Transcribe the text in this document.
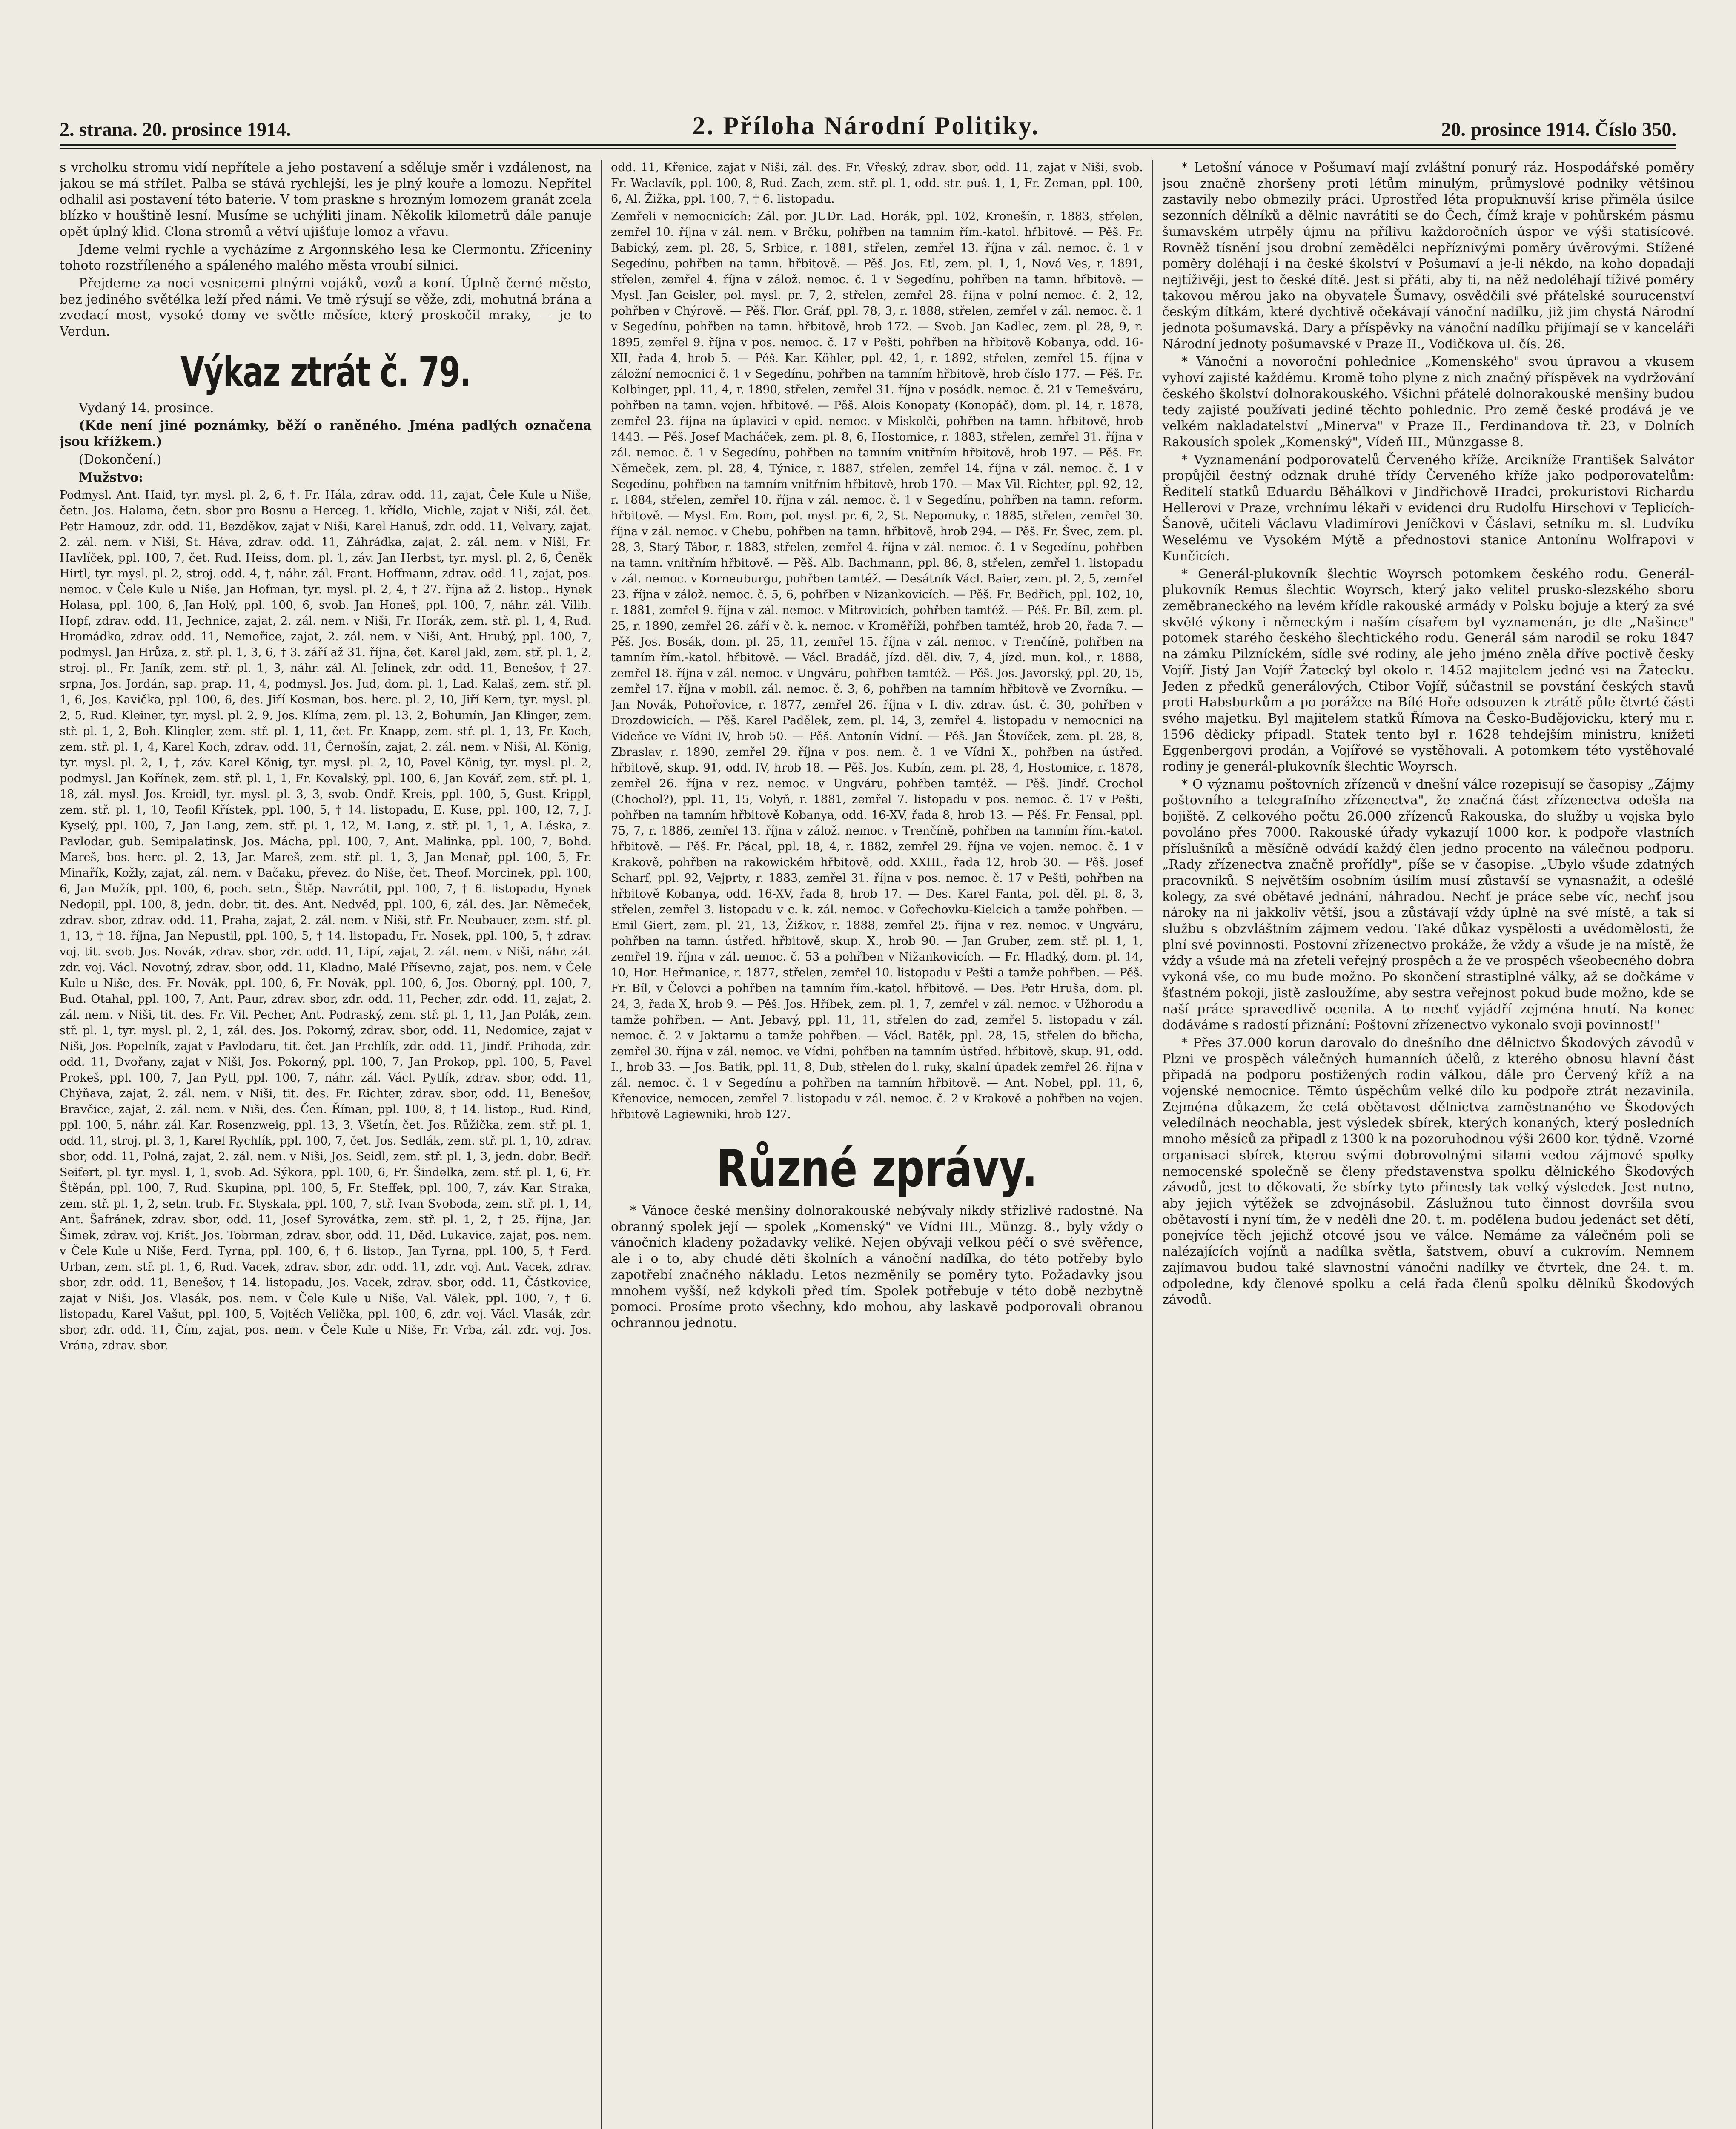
2. strana. 20. prosince 1914.	2. Příloha Národní Politiky.	20. prosince 1914. Číslo 350.

s vrcholku stromu vidí nepřítele a jeho postavení a sděluje směr i vzdálenost, na jakou se má střílet. Palba se stává rychlejší, les je plný kouře a lomozu. Nepřítel odhalil asi postavení této baterie. V tom praskne s hrozným lomozem granát zcela blízko v houštině lesní. Musíme se uchýliti jinam. Několik kilometrů dále panuje opět úplný klid. Clona stromů a větví ujišťuje lomoz a vřavu.

Jdeme velmi rychle a vycházíme z Argonnského lesa ke Clermontu. Zříceniny tohoto rozstříleného a spáleného malého města vroubí silnici.

Přejdeme za noci vesnicemi plnými vojáků, vozů a koní. Úplně černé město, bez jediného světélka leží před námi. Ve tmě rýsují se věže, zdi, mohutná brána a zvedací most, vysoké domy ve světle měsíce, který proskočil mraky, — je to Verdun.

Výkaz ztrát č. 79.

Vydaný 14. prosince.

(Kde není jiné poznámky, běží o raněného. Jména padlých označena jsou křížkem.)

(Dokončení.)

Mužstvo:

Podmysl. Ant. Haid, tyr. mysl. pl. 2, 6, †. Fr. Hála, zdrav. odd. 11, zajat, Čele Kule u Niše, četn. Jos. Halama, četn. sbor pro Bosnu a Herceg. 1. křídlo, Michle, zajat v Niši, zál. čet. Petr Hamouz, zdr. odd. 11, Bezděkov, zajat v Niši, Karel Hanuš, zdr. odd. 11, Velvary, zajat, 2. zál. nem. v Niši, St. Háva, zdrav. odd. 11, Záhrádka, zajat, 2. zál. nem. v Niši, Fr. Havlíček, ppl. 100, 7, čet. Rud. Heiss, dom. pl. 1, záv. Jan Herbst, tyr. mysl. pl. 2, 6, Čeněk Hirtl, tyr. mysl. pl. 2, stroj. odd. 4, †, náhr. zál. Frant. Hoffmann, zdrav. odd. 11, zajat, pos. nemoc. v Čele Kule u Niše, Jan Hofman, tyr. mysl. pl. 2, 4, † 27. října až 2. listop., Hynek Holasa, ppl. 100, 6, Jan Holý, ppl. 100, 6, svob. Jan Honeš, ppl. 100, 7, náhr. zál. Vilib. Hopf, zdrav. odd. 11, Jechnice, zajat, 2. zál. nem. v Niši, Fr. Horák, zem. stř. pl. 1, 4, Rud. Hromádko, zdrav. odd. 11, Nemořice, zajat, 2. zál. nem. v Niši, Ant. Hrubý, ppl. 100, 7, podmysl. Jan Hrůza, z. stř. pl. 1, 3, 6, † 3. září až 31. října, čet. Karel Jakl, zem. stř. pl. 1, 2, stroj. pl., Fr. Janík, zem. stř. pl. 1, 3, náhr. zál. Al. Jelínek, zdr. odd. 11, Benešov, † 27. srpna, Jos. Jordán, sap. prap. 11, 4, podmysl. Jos. Jud, dom. pl. 1, Lad. Kalaš, zem. stř. pl. 1, 6, Jos. Kavička, ppl. 100, 6, des. Jiří Kosman, bos. herc. pl. 2, 10, Jiří Kern, tyr. mysl. pl. 2, 5, Rud. Kleiner, tyr. mysl. pl. 2, 9, Jos. Klíma, zem. pl. 13, 2, Bohumín, Jan Klinger, zem. stř. pl. 1, 2, Boh. Klingler, zem. stř. pl. 1, 11, čet. Fr. Knapp, zem. stř. pl. 1, 13, Fr. Koch, zem. stř. pl. 1, 4, Karel Koch, zdrav. odd. 11, Černošín, zajat, 2. zál. nem. v Niši, Al. König, tyr. mysl. pl. 2, 1, †, záv. Karel König, tyr. mysl. pl. 2, 10, Pavel König, tyr. mysl. pl. 2, podmysl. Jan Kořínek, zem. stř. pl. 1, 1, Fr. Kovalský, ppl. 100, 6, Jan Kovář, zem. stř. pl. 1, 18, zál. mysl. Jos. Kreidl, tyr. mysl. pl. 3, 3, svob. Ondř. Kreis, ppl. 100, 5, Gust. Krippl, zem. stř. pl. 1, 10, Teofil Křístek, ppl. 100, 5, † 14. listopadu, E. Kuse, ppl. 100, 12, 7, J. Kyselý, ppl. 100, 7, Jan Lang, zem. stř. pl. 1, 12, M. Lang, z. stř. pl. 1, 1, A. Léska, z. Pavlodar, gub. Semipalatinsk, Jos. Mácha, ppl. 100, 7, Ant. Malinka, ppl. 100, 7, Bohd. Mareš, bos. herc. pl. 2, 13, Jar. Mareš, zem. stř. pl. 1, 3, Jan Menař, ppl. 100, 5, Fr. Minařík, Kožly, zajat, zál. nem. v Bačaku, převez. do Niše, čet. Theof. Morcinek, ppl. 100, 6, Jan Mužík, ppl. 100, 6, poch. setn., Štěp. Navrátil, ppl. 100, 7, † 6. listopadu, Hynek Nedopil, ppl. 100, 8, jedn. dobr. tit. des. Ant. Nedvěd, ppl. 100, 6, zál. des. Jar. Němeček, zdrav. sbor, zdrav. odd. 11, Praha, zajat, 2. zál. nem. v Niši, stř. Fr. Neubauer, zem. stř. pl. 1, 13, † 18. října, Jan Nepustil, ppl. 100, 5, † 14. listopadu, Fr. Nosek, ppl. 100, 5, † zdrav. voj. tit. svob. Jos. Novák, zdrav. sbor, zdr. odd. 11, Lipí, zajat, 2. zál. nem. v Niši, náhr. zál. zdr. voj. Václ. Novotný, zdrav. sbor, odd. 11, Kladno, Malé Přísevno, zajat, pos. nem. v Čele Kule u Niše, des. Fr. Novák, ppl. 100, 6, Fr. Novák, ppl. 100, 6, Jos. Oborný, ppl. 100, 7, Bud. Otahal, ppl. 100, 7, Ant. Paur, zdrav. sbor, zdr. odd. 11, Pecher, zdr. odd. 11, zajat, 2. zál. nem. v Niši, tit. des. Fr. Vil. Pecher, Ant. Podraský, zem. stř. pl. 1, 11, Jan Polák, zem. stř. pl. 1, tyr. mysl. pl. 2, 1, zál. des. Jos. Pokorný, zdrav. sbor, odd. 11, Nedomice, zajat v Niši, Jos. Popelník, zajat v Pavlodaru, tit. čet. Jan Prchlík, zdr. odd. 11, Jindř. Prihoda, zdr. odd. 11, Dvořany, zajat v Niši, Jos. Pokorný, ppl. 100, 7, Jan Prokop, ppl. 100, 5, Pavel Prokeš, ppl. 100, 7, Jan Pytl, ppl. 100, 7, náhr. zál. Václ. Pytlík, zdrav. sbor, odd. 11, Chýňava, zajat, 2. zál. nem. v Niši, tit. des. Fr. Richter, zdrav. sbor, odd. 11, Benešov, Bravčice, zajat, 2. zál. nem. v Niši, des. Čen. Říman, ppl. 100, 8, † 14. listop., Rud. Rind, ppl. 100, 5, náhr. zál. Kar. Rosenzweig, ppl. 13, 3, Všetín, čet. Jos. Růžička, zem. stř. pl. 1, odd. 11, stroj. pl. 3, 1, Karel Rychlík, ppl. 100, 7, čet. Jos. Sedlák, zem. stř. pl. 1, 10, zdrav. sbor, odd. 11, Polná, zajat, 2. zál. nem. v Niši, Jos. Seidl, zem. stř. pl. 1, 3, jedn. dobr. Bedř. Seifert, pl. tyr. mysl. 1, 1, svob. Ad. Sýkora, ppl. 100, 6, Fr. Šindelka, zem. stř. pl. 1, 6, Fr. Štěpán, ppl. 100, 7, Rud. Skupina, ppl. 100, 5, Fr. Steffek, ppl. 100, 7, záv. Kar. Straka, zem. stř. pl. 1, 2, setn. trub. Fr. Styskala, ppl. 100, 7, stř. Ivan Svoboda, zem. stř. pl. 1, 14, Ant. Šafránek, zdrav. sbor, odd. 11, Josef Syrovátka, zem. stř. pl. 1, 2, † 25. října, Jar. Šimek, zdrav. voj. Krišt. Jos. Tobrman, zdrav. sbor, odd. 11, Děd. Lukavice, zajat, pos. nem. v Čele Kule u Niše, Ferd. Tyrna, ppl. 100, 6, † 6. listop., Jan Tyrna, ppl. 100, 5, † Ferd. Urban, zem. stř. pl. 1, 6, Rud. Vacek, zdrav. sbor, zdr. odd. 11, zdr. voj. Ant. Vacek, zdrav. sbor, zdr. odd. 11, Benešov, † 14. listopadu, Jos. Vacek, zdrav. sbor, odd. 11, Částkovice, zajat v Niši, Jos. Vlasák, pos. nem. v Čele Kule u Niše, Val. Válek, ppl. 100, 7, † 6. listopadu, Karel Vašut, ppl. 100, 5, Vojtěch Velička, ppl. 100, 6, zdr. voj. Václ. Vlasák, zdr. sbor, zdr. odd. 11, Čím, zajat, pos. nem. v Čele Kule u Niše, Fr. Vrba, zál. zdr. voj. Jos. Vrána, zdrav. sbor.

odd. 11, Křenice, zajat v Niši, zál. des. Fr. Vřeský, zdrav. sbor, odd. 11, zajat v Niši, svob. Fr. Waclavík, ppl. 100, 8, Rud. Zach, zem. stř. pl. 1, odd. str. puš. 1, 1, Fr. Zeman, ppl. 100, 6, Al. Žižka, ppl. 100, 7, † 6. listopadu.

Zemřeli v nemocnicích: Zál. por. JUDr. Lad. Horák, ppl. 102, Kronešín, r. 1883, střelen, zemřel 10. října v zál. nem. v Brčku, pohřben na tamním řím.-katol. hřbitově. — Pěš. Fr. Babický, zem. pl. 28, 5, Srbice, r. 1881, střelen, zemřel 13. října v zál. nemoc. č. 1 v Segedínu, pohřben na tamn. hřbitově. — Pěš. Jos. Etl, zem. pl. 1, 1, Nová Ves, r. 1891, střelen, zemřel 4. října v zálož. nemoc. č. 1 v Segedínu, pohřben na tamn. hřbitově. — Mysl. Jan Geisler, pol. mysl. pr. 7, 2, střelen, zemřel 28. října v polní nemoc. č. 2, 12, pohřben v Chýrově. — Pěš. Flor. Gráf, ppl. 78, 3, r. 1888, střelen, zemřel v zál. nemoc. č. 1 v Segedínu, pohřben na tamn. hřbitově, hrob 172. — Svob. Jan Kadlec, zem. pl. 28, 9, r. 1895, zemřel 9. října v pos. nemoc. č. 17 v Pešti, pohřben na hřbitově Kobanya, odd. 16-XII, řada 4, hrob 5. — Pěš. Kar. Köhler, ppl. 42, 1, r. 1892, střelen, zemřel 15. října v záložní nemocnici č. 1 v Segedínu, pohřben na tamním hřbitově, hrob číslo 177. — Pěš. Fr. Kolbinger, ppl. 11, 4, r. 1890, střelen, zemřel 31. října v posádk. nemoc. č. 21 v Temešváru, pohřben na tamn. vojen. hřbitově. — Pěš. Alois Konopaty (Konopáč), dom. pl. 14, r. 1878, zemřel 23. října na úplavici v epid. nemoc. v Miskolči, pohřben na tamn. hřbitově, hrob 1443. — Pěš. Josef Macháček, zem. pl. 8, 6, Hostomice, r. 1883, střelen, zemřel 31. října v zál. nemoc. č. 1 v Segedínu, pohřben na tamním vnitřním hřbitově, hrob 197. — Pěš. Fr. Němeček, zem. pl. 28, 4, Týnice, r. 1887, střelen, zemřel 14. října v zál. nemoc. č. 1 v Segedínu, pohřben na tamním vnitřním hřbitově, hrob 170. — Max Vil. Richter, ppl. 92, 12, r. 1884, střelen, zemřel 10. října v zál. nemoc. č. 1 v Segedínu, pohřben na tamn. reform. hřbitově. — Mysl. Em. Rom, pol. mysl. pr. 6, 2, St. Nepomuky, r. 1885, střelen, zemřel 30. října v zál. nemoc. v Chebu, pohřben na tamn. hřbitově, hrob 294. — Pěš. Fr. Švec, zem. pl. 28, 3, Starý Tábor, r. 1883, střelen, zemřel 4. října v zál. nemoc. č. 1 v Segedínu, pohřben na tamn. vnitřním hřbitově. — Pěš. Alb. Bachmann, ppl. 86, 8, střelen, zemřel 1. listopadu v zál. nemoc. v Korneuburgu, pohřben tamtéž. — Desátník Václ. Baier, zem. pl. 2, 5, zemřel 23. října v zálož. nemoc. č. 5, 6, pohřben v Nizankovicích. — Pěš. Fr. Bedřich, ppl. 102, 10, r. 1881, zemřel 9. října v zál. nemoc. v Mitrovicích, pohřben tamtéž. — Pěš. Fr. Bíl, zem. pl. 25, r. 1890, zemřel 26. září v č. k. nemoc. v Kroměříži, pohřben tamtéž, hrob 20, řada 7. — Pěš. Jos. Bosák, dom. pl. 25, 11, zemřel 15. října v zál. nemoc. v Trenčíně, pohřben na tamním řím.-katol. hřbitově. — Václ. Bradáč, jízd. děl. div. 7, 4, jízd. mun. kol., r. 1888, zemřel 18. října v zál. nemoc. v Ungváru, pohřben tamtéž. — Pěš. Jos. Javorský, ppl. 20, 15, zemřel 17. října v mobil. zál. nemoc. č. 3, 6, pohřben na tamním hřbitově ve Zvorníku. — Jan Novák, Pohořovice, r. 1877, zemřel 26. října v I. div. zdrav. úst. č. 30, pohřben v Drozdowicích. — Pěš. Karel Padělek, zem. pl. 14, 3, zemřel 4. listopadu v nemocnici na Vídeňce ve Vídni IV, hrob 50. — Pěš. Antonín Vídní. — Pěš. Jan Štovíček, zem. pl. 28, 8, Zbraslav, r. 1890, zemřel 29. října v pos. nem. č. 1 ve Vídni X., pohřben na ústřed. hřbitově, skup. 91, odd. IV, hrob 18. — Pěš. Jos. Kubín, zem. pl. 28, 4, Hostomice, r. 1878, zemřel 26. října v rez. nemoc. v Ungváru, pohřben tamtéž. — Pěš. Jindř. Crochol (Chochol?), ppl. 11, 15, Volyň, r. 1881, zemřel 7. listopadu v pos. nemoc. č. 17 v Pešti, pohřben na tamním hřbitově Kobanya, odd. 16-XV, řada 8, hrob 13. — Pěš. Fr. Fensal, ppl. 75, 7, r. 1886, zemřel 13. října v zálož. nemoc. v Trenčíně, pohřben na tamním řím.-katol. hřbitově. — Pěš. Fr. Pácal, ppl. 18, 4, r. 1882, zemřel 29. října ve vojen. nemoc. č. 1 v Krakově, pohřben na rakowickém hřbitově, odd. XXIII., řada 12, hrob 30. — Pěš. Josef Scharf, ppl. 92, Vejprty, r. 1883, zemřel 31. října v pos. nemoc. č. 17 v Pešti, pohřben na hřbitově Kobanya, odd. 16-XV, řada 8, hrob 17. — Des. Karel Fanta, pol. děl. pl. 8, 3, střelen, zemřel 3. listopadu v c. k. zál. nemoc. v Gořechovku-Kielcich a tamže pohřben. — Emil Giert, zem. pl. 21, 13, Žižkov, r. 1888, zemřel 25. října v rez. nemoc. v Ungváru, pohřben na tamn. ústřed. hřbitově, skup. X., hrob 90. — Jan Gruber, zem. stř. pl. 1, 1, zemřel 19. října v zál. nemoc. č. 53 a pohřben v Nižankovicích. — Fr. Hladký, dom. pl. 14, 10, Hor. Heřmanice, r. 1877, střelen, zemřel 10. listopadu v Pešti a tamže pohřben. — Pěš. Fr. Bíl, v Čelovci a pohřben na tamním řím.-katol. hřbitově. — Des. Petr Hruša, dom. pl. 24, 3, řada X, hrob 9. — Pěš. Jos. Hříbek, zem. pl. 1, 7, zemřel v zál. nemoc. v Užhorodu a tamže pohřben. — Ant. Jebavý, ppl. 11, 11, střelen do zad, zemřel 5. listopadu v zál. nemoc. č. 2 v Jaktarnu a tamže pohřben. — Václ. Batěk, ppl. 28, 15, střelen do břicha, zemřel 30. října v zál. nemoc. ve Vídni, pohřben na tamním ústřed. hřbitově, skup. 91, odd. I., hrob 33. — Jos. Batik, ppl. 11, 8, Dub, střelen do l. ruky, skalní úpadek zemřel 26. října v zál. nemoc. č. 1 v Segedínu a pohřben na tamním hřbitově. — Ant. Nobel, ppl. 11, 6, Křenovice, nemocen, zemřel 7. listopadu v zál. nemoc. č. 2 v Krakově a pohřben na vojen. hřbitově Lagiewniki, hrob 127.

Různé zprávy.

* Vánoce české menšiny dolnorakouské nebývaly nikdy střízlivé radostné. Na obranný spolek její — spolek „Komenský" ve Vídni III., Münzg. 8., byly vždy o vánočních kladeny požadavky veliké. Nejen obývají velkou péčí o své svěřence, ale i o to, aby chudé děti školních a vánoční nadílka, do této potřeby bylo zapotřebí značného nákladu. Letos nezměnily se poměry tyto. Požadavky jsou mnohem vyšší, než kdykoli před tím. Spolek potřebuje v této době nezbytně pomoci. Prosíme proto všechny, kdo mohou, aby laskavě podporovali obranou ochrannou jednotu.

* Letošní vánoce v Pošumaví mají zvláštní ponurý ráz. Hospodářské poměry jsou značně zhoršeny proti létům minulým, průmyslové podniky většinou zastavily nebo obmezily práci. Uprostřed léta propuknuvší krise přiměla úsilce sezonních dělníků a dělnic navrátiti se do Čech, čímž kraje v pohůrském pásmu šumavském utrpěly újmu na přílivu každoročních úspor ve výši statisícové. Rovněž tísnění jsou drobní zemědělci nepříznivými poměry úvěrovými. Stížené poměry doléhají i na české školství v Pošumaví a je-li někdo, na koho dopadají nejtíživěji, jest to české dítě. Jest si přáti, aby ti, na něž nedoléhají tíživé poměry takovou měrou jako na obyvatele Šumavy, osvědčili své přátelské sourucenství českým dítkám, které dychtivě očekávají vánoční nadílku, již jim chystá Národní jednota pošumavská. Dary a příspěvky na vánoční nadílku přijímají se v kanceláři Národní jednoty pošumavské v Praze II., Vodičkova ul. čís. 26.

* Vánoční a novoroční pohlednice „Komenského" svou úpravou a vkusem vyhoví zajisté každému. Kromě toho plyne z nich značný příspěvek na vydržování českého školství dolnorakouského. Všichni přátelé dolnorakouské menšiny budou tedy zajisté používati jediné těchto pohlednic. Pro země české prodává je ve velkém nakladatelství „Minerva" v Praze II., Ferdinandova tř. 23, v Dolních Rakousích spolek „Komenský", Vídeň III., Münzgasse 8.

* Vyznamenání podporovatelů Červeného kříže. Arcikníže František Salvátor propůjčil čestný odznak druhé třídy Červeného kříže jako podporovatelům: Ředitelí statků Eduardu Běhálkovi v Jindřichově Hradci, prokuristovi Richardu Hellerovi v Praze, vrchnímu lékaři v evidenci dru Rudolfu Hirschovi v Teplicích-Šanově, učiteli Václavu Vladimírovi Jeníčkovi v Čáslavi, setníku m. sl. Ludvíku Weselému ve Vysokém Mýtě a přednostovi stanice Antonínu Wolfrapovi v Kunčicích.

* Generál-plukovník šlechtic Woyrsch potomkem českého rodu. Generál-plukovník Remus šlechtic Woyrsch, který jako velitel prusko-slezského sboru zeměbraneckého na levém křídle rakouské armády v Polsku bojuje a který za své skvělé výkony i německým i naším císařem byl vyznamenán, je dle „Našince" potomek starého českého šlechtického rodu. Generál sám narodil se roku 1847 na zámku Pilzníckém, sídle své rodiny, ale jeho jméno zněla dříve poctivě česky Vojíř. Jistý Jan Vojíř Žatecký byl okolo r. 1452 majitelem jedné vsi na Žatecku. Jeden z předků generálových, Ctibor Vojíř, súčastnil se povstání českých stavů proti Habsburkům a po porážce na Bílé Hoře odsouzen k ztrátě půle čtvrté části svého majetku. Byl majitelem statků Římova na Česko-Budějovicku, který mu r. 1596 dědicky připadl. Statek tento byl r. 1628 tehdejším ministru, knížeti Eggenbergovi prodán, a Vojířové se vystěhovali. A potomkem této vystěhovalé rodiny je generál-plukovník šlechtic Woyrsch.

* O významu poštovních zřízenců v dnešní válce rozepisují se časopisy „Zájmy poštovního a telegrafního zřízenectva", že značná část zřízenectva odešla na bojiště. Z celkového počtu 26.000 zřízenců Rakouska, do služby u vojska bylo povoláno přes 7000. Rakouské úřady vykazují 1000 kor. k podpoře vlastních příslušníků a měsíčně odvádí každý člen jedno procento na válečnou podporu. „Rady zřízenectva značně proříďly", píše se v časopise. „Ubylo všude zdatných pracovníků. S největším osobním úsilím musí zůstavší se vynasnažit, a odešlé kolegy, za své obětavé jednání, náhradou. Nechť je práce sebe víc, nechť jsou nároky na ni jakkoliv větší, jsou a zůstávají vždy úplně na své místě, a tak si službu s obzvláštním zájmem vedou. Také důkaz vyspělosti a uvědomělosti, že plní své povinnosti. Postovní zřízenectvo prokáže, že vždy a všude je na místě, že vždy a všude má na zřeteli veřejný prospěch a že ve prospěch všeobecného dobra vykoná vše, co mu bude možno. Po skončení strastiplné války, až se dočkáme v šťastném pokoji, jistě zasloužíme, aby sestra veřejnost pokud bude možno, kde se naší práce spravedlivě ocenila. A to nechť vyjádří zejména hnutí. Na konec dodáváme s radostí přiznání: Poštovní zřízenectvo vykonalo svoji povinnost!"

* Přes 37.000 korun darovalo do dnešního dne dělnictvo Škodových závodů v Plzni ve prospěch válečných humanních účelů, z kterého obnosu hlavní část připadá na podporu postižených rodin válkou, dále pro Červený kříž a na vojenské nemocnice. Těmto úspěchům velké dílo ku podpoře ztrát nezavinila. Zejména důkazem, že celá obětavost dělnictva zaměstnaného ve Škodových veledílnách neochabla, jest výsledek sbírek, kterých konaných, který posledních mnoho měsíců za připadl z 1300 k na pozoruhodnou výši 2600 kor. týdně. Vzorné organisaci sbírek, kterou svými dobrovolnými silami vedou zájmové spolky nemocenské společně se členy představenstva spolku dělnického Škodových závodů, jest to děkovati, že sbírky tyto přinesly tak velký výsledek. Jest nutno, aby jejich výtěžek se zdvojnásobil. Záslužnou tuto činnost dovršila svou obětavostí i nyní tím, že v neděli dne 20. t. m. podělena budou jedenáct set dětí, ponejvíce těch jejichž otcové jsou ve válce. Nemáme za válečném poli se nalézajících vojínů a nadílka světla, šatstvem, obuví a cukrovím. Nemnem zajímavou budou také slavnostní vánoční nadílky ve čtvrtek, dne 24. t. m. odpoledne, kdy členové spolku a celá řada členů spolku dělníků Škodových závodů.
